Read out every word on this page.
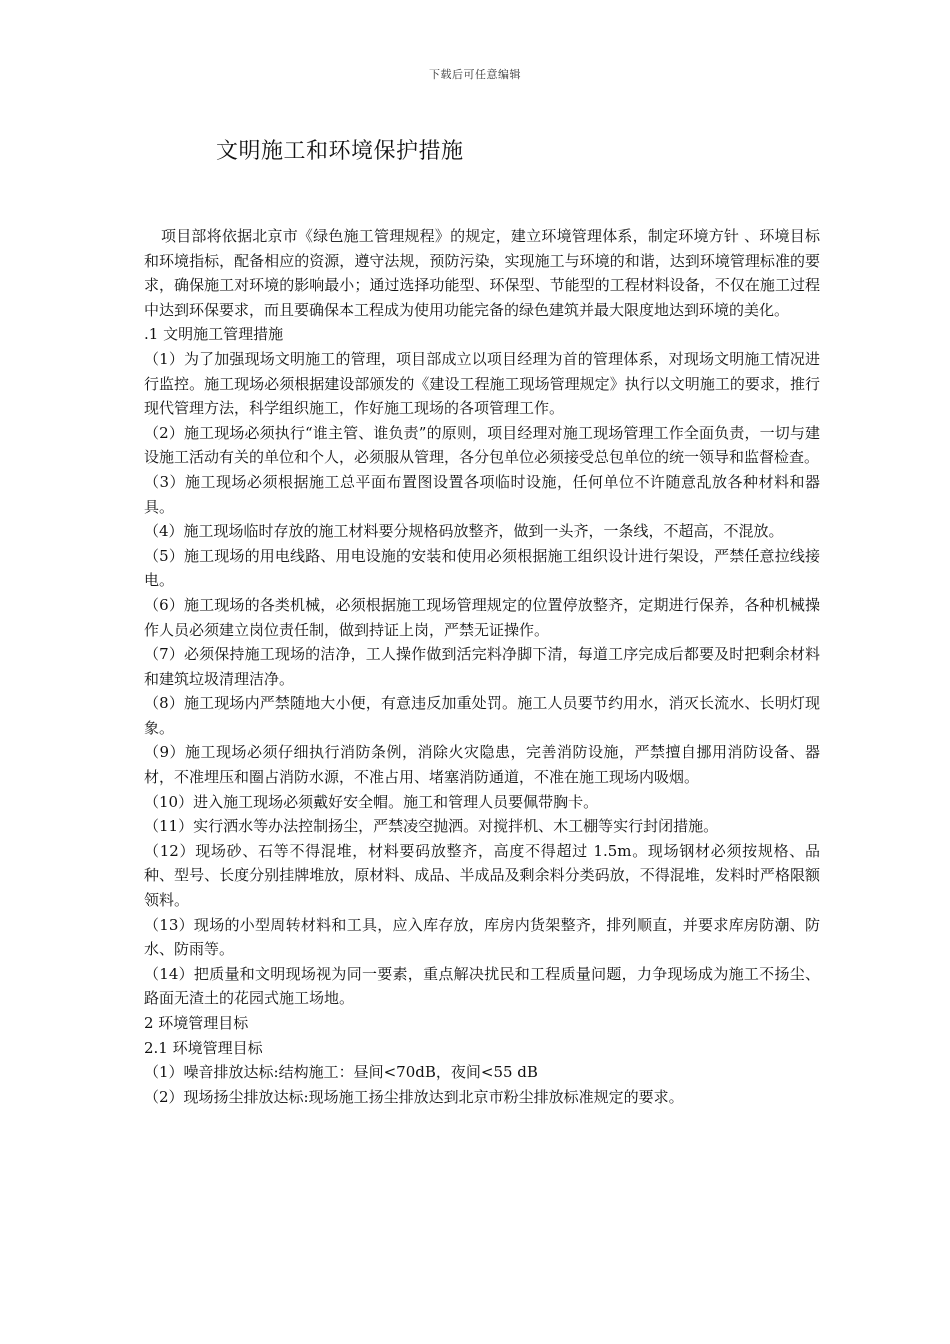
下载后可任意编辑
文明施工和环境保护措施

项目部将依据北京市《绿色施工管理规程》的规定，建立环境管理体系，制定环境方针 、环境目标和环境指标，配备相应的资源，遵守法规，预防污染，实现施工与环境的和谐，达到环境管理标准的要求，确保施工对环境的影响最小；通过选择功能型、环保型、节能型的工程材料设备，不仅在施工过程中达到环保要求，而且要确保本工程成为使用功能完备的绿色建筑并最大限度地达到环境的美化。

.1 文明施工管理措施

（1）为了加强现场文明施工的管理，项目部成立以项目经理为首的管理体系，对现场文明施工情况进行监控。施工现场必须根据建设部颁发的《建设工程施工现场管理规定》执行以文明施工的要求，推行现代管理方法，科学组织施工，作好施工现场的各项管理工作。

（2）施工现场必须执行“谁主管、谁负责”的原则，项目经理对施工现场管理工作全面负责，一切与建设施工活动有关的单位和个人，必须服从管理，各分包单位必须接受总包单位的统一领导和监督检查。

（3）施工现场必须根据施工总平面布置图设置各项临时设施，任何单位不许随意乱放各种材料和器具。

（4）施工现场临时存放的施工材料要分规格码放整齐，做到一头齐，一条线，不超高，不混放。

（5）施工现场的用电线路、用电设施的安装和使用必须根据施工组织设计进行架设，严禁任意拉线接电。

（6）施工现场的各类机械，必须根据施工现场管理规定的位置停放整齐，定期进行保养，各种机械操作人员必须建立岗位责任制，做到持证上岗，严禁无证操作。

（7）必须保持施工现场的洁净，工人操作做到活完料净脚下清，每道工序完成后都要及时把剩余材料和建筑垃圾清理洁净。

（8）施工现场内严禁随地大小便，有意违反加重处罚。施工人员要节约用水，消灭长流水、长明灯现象。

（9）施工现场必须仔细执行消防条例，消除火灾隐患，完善消防设施，严禁擅自挪用消防设备、器材，不准埋压和圈占消防水源，不准占用、堵塞消防通道，不准在施工现场内吸烟。

（10）进入施工现场必须戴好安全帽。施工和管理人员要佩带胸卡。

（11）实行洒水等办法控制扬尘，严禁凌空抛洒。对搅拌机、木工棚等实行封闭措施。

（12）现场砂、石等不得混堆，材料要码放整齐，高度不得超过 1.5m。现场钢材必须按规格、品种、型号、长度分别挂牌堆放，原材料、成品、半成品及剩余料分类码放，不得混堆，发料时严格限额领料。

（13）现场的小型周转材料和工具，应入库存放，库房内货架整齐，排列顺直，并要求库房防潮、防水、防雨等。

（14）把质量和文明现场视为同一要素，重点解决扰民和工程质量问题，力争现场成为施工不扬尘、路面无渣土的花园式施工场地。

2 环境管理目标

2.1 环境管理目标

（1）噪音排放达标:结构施工：昼间<70dB，夜间<55 dB

（2）现场扬尘排放达标:现场施工扬尘排放达到北京市粉尘排放标准规定的要求。
